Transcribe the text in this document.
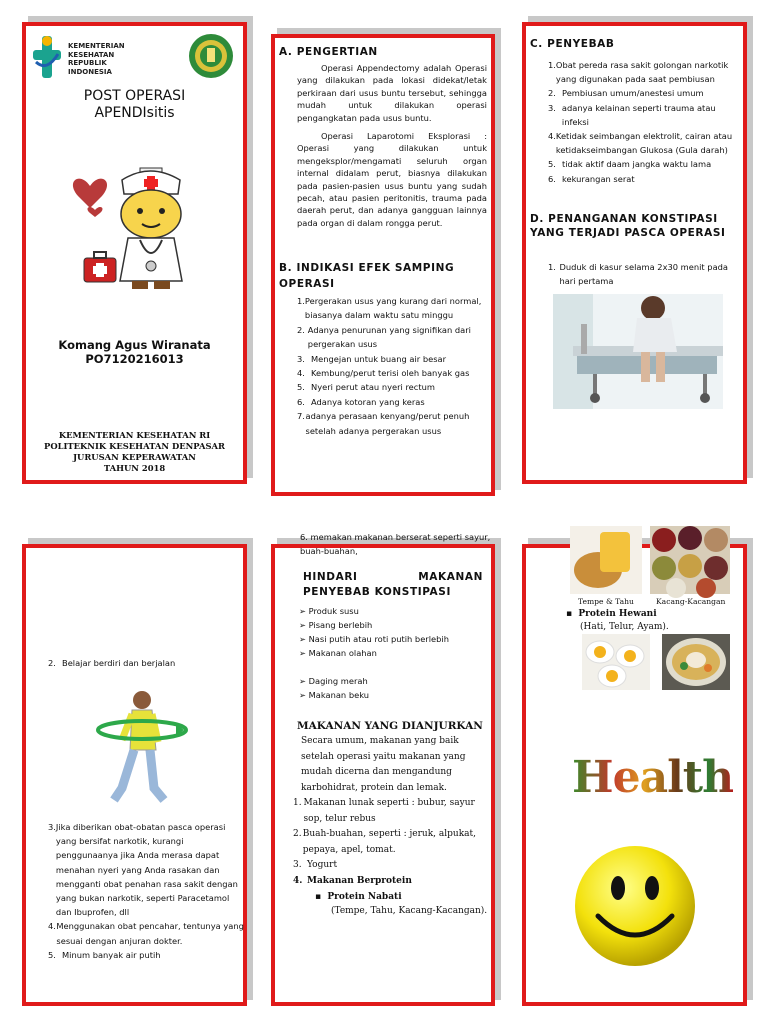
KEMENTERIAN
KESEHATAN
REPUBLIK
INDONESIA
POST OPERASI
APENDIsitis
Komang Agus Wiranata
PO7120216013
KEMENTERIAN KESEHATAN RI
POLITEKNIK KESEHATAN DENPASAR
JURUSAN KEPERAWATAN
TAHUN 2018
A. PENGERTIAN
Operasi Appendectomy adalah Operasi yang dilakukan pada lokasi didekat/letak perkiraan dari usus buntu tersebut, sehingga mudah untuk dilakukan operasi pengangkatan pada usus buntu.
Operasi Laparotomi Eksplorasi : Operasi yang dilakukan untuk mengeksplor/mengamati seluruh organ internal didalam perut, biasnya dilakukan pada pasien-pasien usus buntu yang sudah pecah, atau pasien peritonitis, trauma pada daerah perut, dan adanya gangguan lainnya pada organ di dalam rongga perut.
B. INDIKASI EFEK SAMPING OPERASI
1. Pergerakan usus yang kurang dari normal, biasanya dalam waktu satu minggu
2. Adanya penurunan yang signifikan dari pergerakan usus
3. Mengejan untuk buang air besar
4. Kembung/perut terisi oleh banyak gas
5. Nyeri perut atau nyeri rectum
6. Adanya kotoran yang keras
7. adanya perasaan kenyang/perut penuh setelah adanya pergerakan usus
C. PENYEBAB
1. Obat pereda rasa sakit golongan narkotik yang digunakan pada saat pembiusan
2. Pembiusan umum/anestesi umum
3. adanya kelainan seperti trauma atau infeksi
4. Ketidak seimbangan elektrolit, cairan atau ketidakseimbangan Glukosa (Gula darah)
5. tidak aktif daam jangka waktu lama
6. kekurangan serat
D. PENANGANAN KONSTIPASI YANG TERJADI PASCA OPERASI
1. Duduk di kasur selama 2x30 menit pada hari pertama
2. Belajar berdiri dan berjalan
3. Jika diberikan obat-obatan pasca operasi yang bersifat narkotik, kurangi penggunaanya jika Anda merasa dapat menahan nyeri yang Anda rasakan dan mengganti obat penahan rasa sakit dengan yang bukan narkotik, seperti Paracetamol dan Ibuprofen, dll
4. Menggunakan obat pencahar, tentunya yang sesuai dengan anjuran dokter.
5. Minum banyak air putih
HINDARI MAKANAN PENYEBAB KONSTIPASI
➢ Produk susu
➢ Pisang berlebih
➢ Nasi putih atau roti putih berlebih
➢ Makanan olahan
➢ Daging merah
➢ Makanan beku
MAKANAN YANG DIANJURKAN
Secara umum, makanan yang baik setelah operasi yaitu makanan yang mudah dicerna dan mengandung karbohidrat, protein dan lemak.
1. Makanan lunak seperti : bubur, sayur sop, telur rebus
2. Buah-buahan, seperti : jeruk, alpukat, pepaya, apel, tomat.
3. Yogurt
4. Makanan Berprotein
▪  Protein Nabati
(Tempe, Tahu, Kacang-Kacangan).
6. memakan makanan berserat seperti sayur, buah-buahan,
Tempe & Tahu	Kacang-Kacangan
▪  Protein Hewani
(Hati, Telur, Ayam).
Health
